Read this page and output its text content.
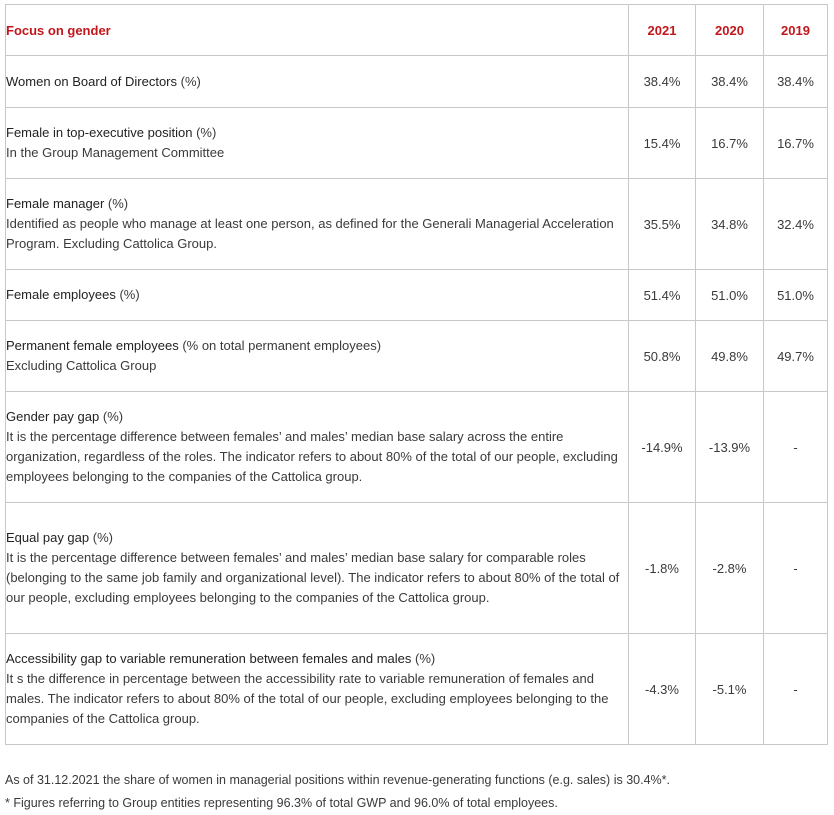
Focus on gender	2021	2020	2019

Women on Board of Directors (%)	38.4%	38.4%	38.4%

Female in top-executive position (%)
In the Group Management Committee	15.4%	16.7%	16.7%

Female manager (%)
Identified as people who manage at least one person, as defined for the Generali Managerial Acceleration Program. Excluding Cattolica Group.	35.5%	34.8%	32.4%

Female employees (%)	51.4%	51.0%	51.0%

Permanent female employees (% on total permanent employees)
Excluding Cattolica Group	50.8%	49.8%	49.7%

Gender pay gap (%)
It is the percentage difference between females’ and males’ median base salary across the entire organization, regardless of the roles. The indicator refers to about 80% of the total of our people, excluding employees belonging to the companies of the Cattolica group.	-14.9%	-13.9%	-

Equal pay gap (%)
It is the percentage difference between females’ and males’ median base salary for comparable roles (belonging to the same job family and organizational level). The indicator refers to about 80% of the total of our people, excluding employees belonging to the companies of the Cattolica group.	-1.8%	-2.8%	-

Accessibility gap to variable remuneration between females and males (%)
It s the difference in percentage between the accessibility rate to variable remuneration of females and males. The indicator refers to about 80% of the total of our people, excluding employees belonging to the companies of the Cattolica group.	-4.3%	-5.1%	-
As of 31.12.2021 the share of women in managerial positions within revenue-generating functions (e.g. sales) is 30.4%*.
* Figures referring to Group entities representing 96.3% of total GWP and 96.0% of total employees.
